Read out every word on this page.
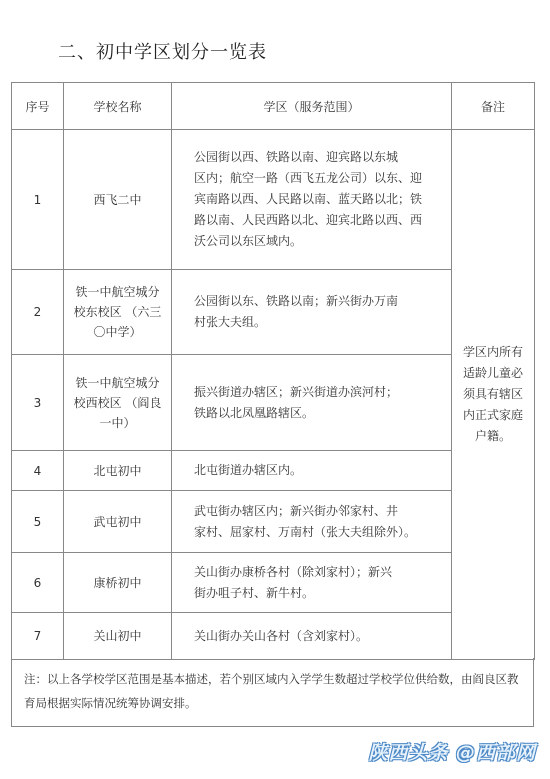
二、初中学区划分一览表
序号	学校名称	学区（服务范围）	备注
1	西飞二中	公园街以西、铁路以南、迎宾路以东城
区内；航空一路（西飞五龙公司）以东、迎
宾南路以西、人民路以南、蓝天路以北；铁
路以南、人民西路以北、迎宾北路以西、西
沃公司以东区域内。	学区内所有
适龄儿童必
须具有辖区
内正式家庭
户籍。

2	铁一中航空城分 校东校区 （六三〇中学）	公园街以东、铁路以南；新兴街办万南
村张大夫组。	

3	铁一中航空城分 校西校区 （阎良一中）	振兴街道办辖区；新兴街道办滨河村；
铁路以北凤凰路辖区。	

4	北屯初中	北屯街道办辖区内。	

5	武屯初中	武屯街办辖区内；新兴街办邻家村、井
家村、屈家村、万南村（张大夫组除外）。	

6	康桥初中	关山街办康桥各村（除刘家村）；新兴
街办咀子村、新牛村。	

7	关山初中	关山街办关山各村（含刘家村）。	
注：以上各学校学区范围是基本描述，若个别区域内入学学生数超过学校学位供给数，由阎良区教育局根据实际情况统筹协调安排。
陕西头条 @西部网
